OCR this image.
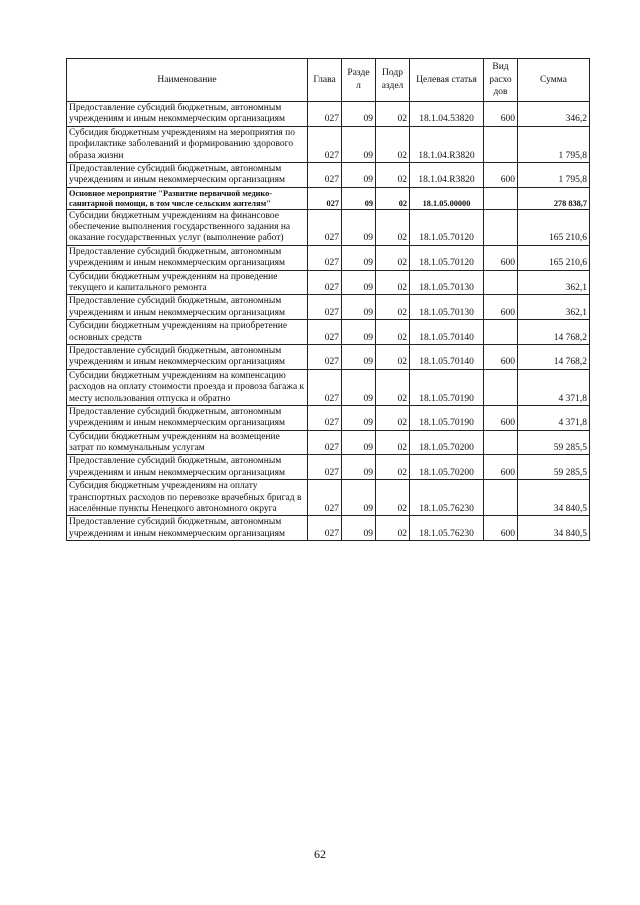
Наименование	Глава	Разде л	Подр аздел	Целевая статья	Вид расхо дов	Сумма
Предоставление субсидий бюджетным, автономным учреждениям и иным некоммерческим организациям	027	09	02	18.1.04.53820	600	346,2
Субсидия бюджетным учреждениям на мероприятия по профилактике заболеваний и формированию здорового образа жизни	027	09	02	18.1.04.R3820		1 795,8
Предоставление субсидий бюджетным, автономным учреждениям и иным некоммерческим организациям	027	09	02	18.1.04.R3820	600	1 795,8
Основное мероприятие "Развитие первичной медико-санитарной помощи, в том числе сельским жителям"	027	09	02	18.1.05.00000		278 838,7
Субсидии бюджетным учреждениям на финансовое обеспечение выполнения государственного задания на оказание государственных услуг (выполнение работ)	027	09	02	18.1.05.70120		165 210,6
Предоставление субсидий бюджетным, автономным учреждениям и иным некоммерческим организациям	027	09	02	18.1.05.70120	600	165 210,6
Субсидии бюджетным учреждениям на проведение текущего и капитального ремонта	027	09	02	18.1.05.70130		362,1
Предоставление субсидий бюджетным, автономным учреждениям и иным некоммерческим организациям	027	09	02	18.1.05.70130	600	362,1
Субсидии бюджетным учреждениям на приобретение основных средств	027	09	02	18.1.05.70140		14 768,2
Предоставление субсидий бюджетным, автономным учреждениям и иным некоммерческим организациям	027	09	02	18.1.05.70140	600	14 768,2
Субсидии бюджетным учреждениям на компенсацию расходов на оплату стоимости проезда и провоза багажа к месту использования отпуска и обратно	027	09	02	18.1.05.70190		4 371,8
Предоставление субсидий бюджетным, автономным учреждениям и иным некоммерческим организациям	027	09	02	18.1.05.70190	600	4 371,8
Субсидии бюджетным учреждениям на возмещение затрат по коммунальным услугам	027	09	02	18.1.05.70200		59 285,5
Предоставление субсидий бюджетным, автономным учреждениям и иным некоммерческим организациям	027	09	02	18.1.05.70200	600	59 285,5
Субсидия бюджетным учреждениям на оплату транспортных расходов по перевозке врачебных бригад в населённые пункты Ненецкого автономного округа	027	09	02	18.1.05.76230		34 840,5
Предоставление субсидий бюджетным, автономным учреждениям и иным некоммерческим организациям	027	09	02	18.1.05.76230	600	34 840,5
62
